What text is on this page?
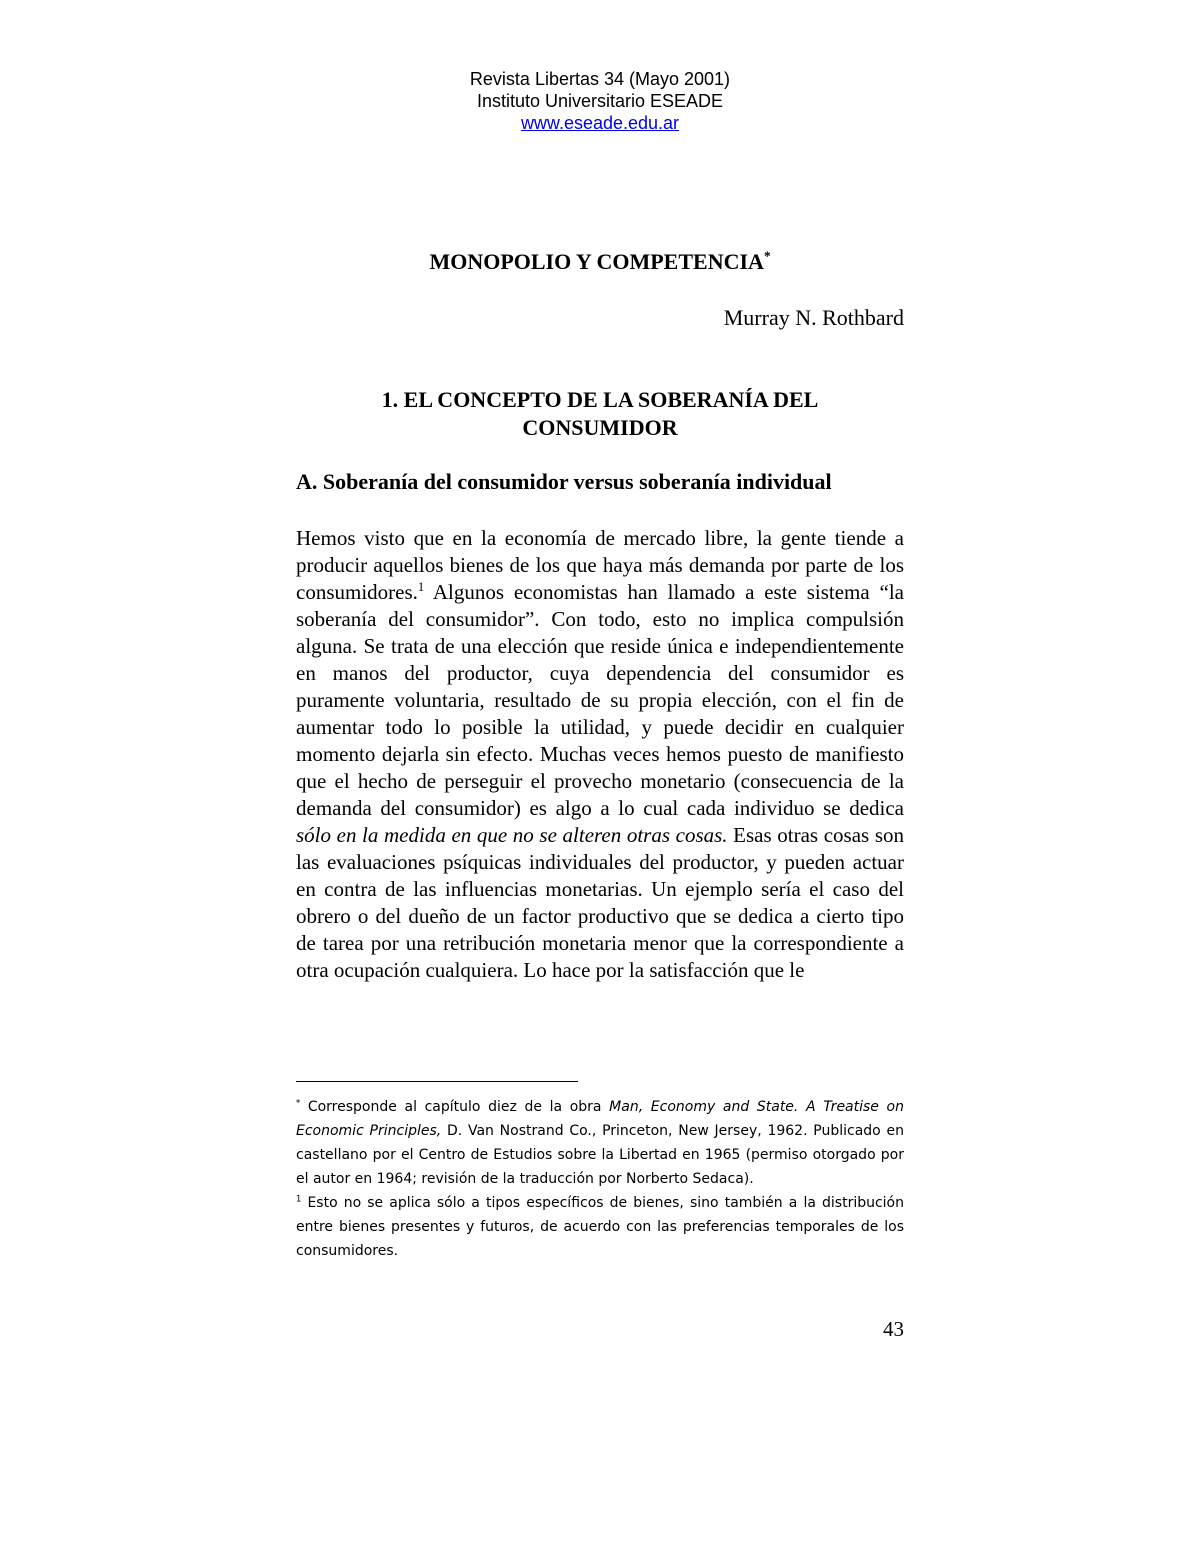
Revista Libertas 34 (Mayo 2001)
Instituto Universitario ESEADE
www.eseade.edu.ar
MONOPOLIO Y COMPETENCIA*
Murray N. Rothbard
1. EL CONCEPTO DE LA SOBERANÍA DEL
CONSUMIDOR
A. Soberanía del consumidor versus soberanía individual

Hemos visto que en la economía de mercado libre, la gente tiende a producir aquellos bienes de los que haya más demanda por parte de los consumidores.$^1$ Algunos economistas han llamado a este sistema “la soberanía del consumidor”. Con todo, esto no implica compulsión alguna. Se trata de una elección que reside única e independientemente en manos del productor, cuya dependencia del consumidor es puramente voluntaria, resultado de su propia elección, con el fin de aumentar todo lo posible la utilidad, y puede decidir en cualquier momento dejarla sin efecto. Muchas veces hemos puesto de manifiesto que el hecho de perseguir el provecho monetario (consecuencia de la demanda del consumidor) es algo a lo cual cada individuo se dedica sólo en la medida en que no se alteren otras cosas. Esas otras cosas son las evaluaciones psíquicas individuales del productor, y pueden actuar en contra de las influencias monetarias. Un ejemplo sería el caso del obrero o del dueño de un factor productivo que se dedica a cierto tipo de tarea por una retribución monetaria menor que la correspondiente a otra ocupación cualquiera. Lo hace por la satisfacción que le

* Corresponde al capítulo diez de la obra Man, Economy and State. A Treatise on Economic Principles, D. Van Nostrand Co., Princeton, New Jersey, 1962. Publicado en castellano por el Centro de Estudios sobre la Libertad en 1965 (permiso otorgado por el autor en 1964; revisión de la traducción por Norberto Sedaca).

$^1$ Esto no se aplica sólo a tipos específicos de bienes, sino también a la distribución entre bienes presentes y futuros, de acuerdo con las preferencias temporales de los consumidores.

43
